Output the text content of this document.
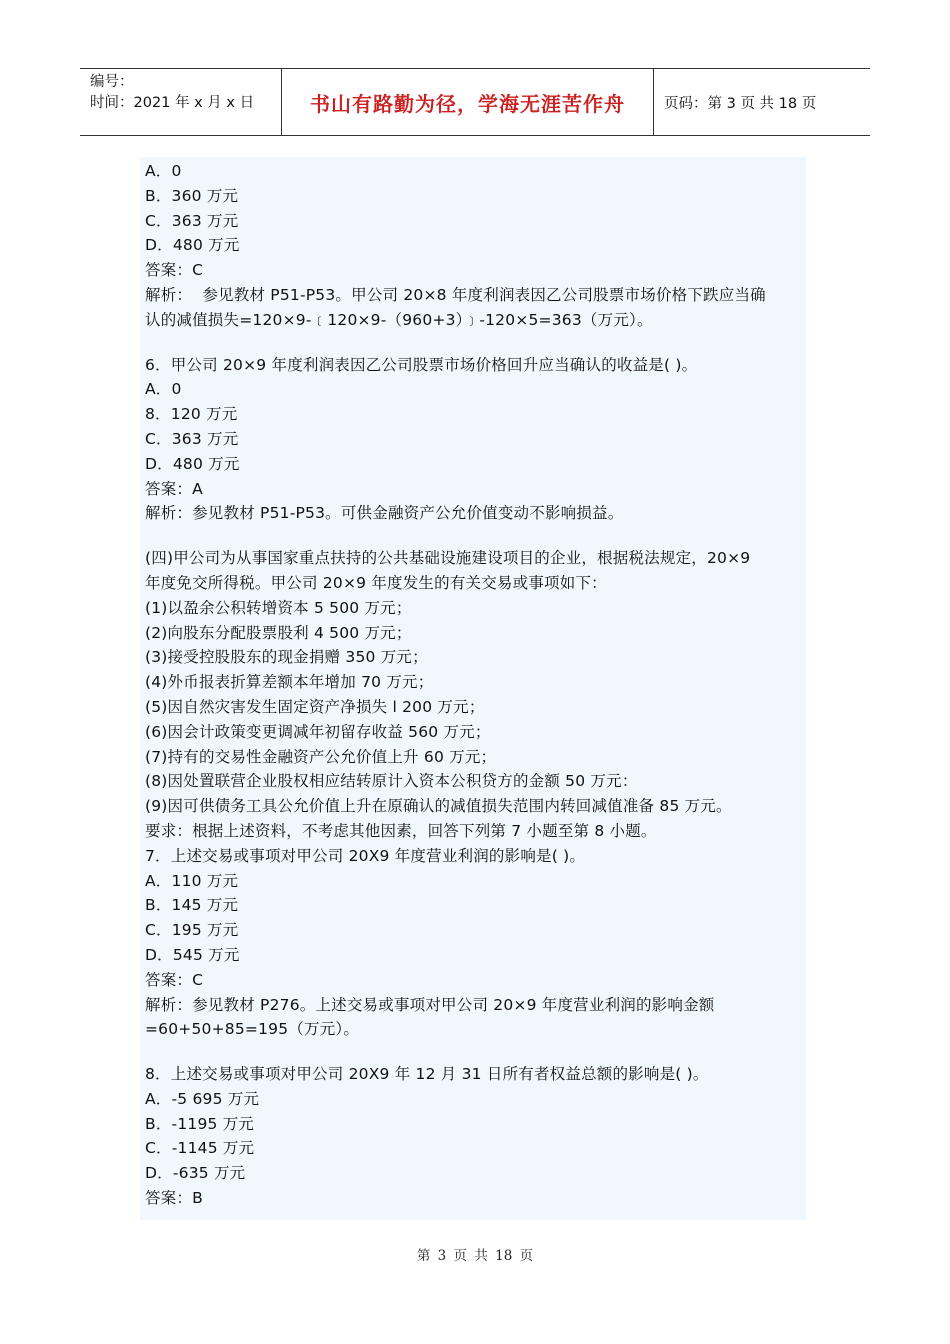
编号：
时间：2021 年 x 月 x 日	书山有路勤为径，学海无涯苦作舟	页码：第 3 页 共 18 页
A．0
B．360 万元
C．363 万元
D．480 万元
答案：C
解析：  参见教材 P51-P53。甲公司 20×8 年度利润表因乙公司股票市场价格下跌应当确
认的减值损失=120×9-﹝120×9-（960+3）﹞-120×5=363（万元）。
6．甲公司 20×9 年度利润表因乙公司股票市场价格回升应当确认的收益是( )。
A．0
8．120 万元
C．363 万元
D．480 万元
答案：A
解析：参见教材 P51-P53。可供金融资产公允价值变动不影响损益。
(四)甲公司为从事国家重点扶持的公共基础设施建设项目的企业，根据税法规定，20×9
年度免交所得税。甲公司 20×9 年度发生的有关交易或事项如下：
(1)以盈余公积转增资本 5 500 万元；
(2)向股东分配股票股利 4 500 万元；
(3)接受控股股东的现金捐赠 350 万元；
(4)外币报表折算差额本年增加 70 万元；
(5)因自然灾害发生固定资产净损失 l 200 万元；
(6)因会计政策变更调减年初留存收益 560 万元；
(7)持有的交易性金融资产公允价值上升 60 万元；
(8)因处置联营企业股权相应结转原计入资本公积贷方的金额 50 万元：
(9)因可供债务工具公允价值上升在原确认的减值损失范围内转回减值准备 85 万元。
要求：根据上述资料，不考虑其他因素，回答下列第 7 小题至第 8 小题。
7．上述交易或事项对甲公司 20X9 年度营业利润的影响是( )。
A．110 万元
B．145 万元
C．195 万元
D．545 万元
答案：C
解析：参见教材 P276。上述交易或事项对甲公司 20×9 年度营业利润的影响金额
=60+50+85=195（万元）。
8．上述交易或事项对甲公司 20X9 年 12 月 31 日所有者权益总额的影响是( )。
A．-5 695 万元
B．-1195 万元
C．-1145 万元
D．-635 万元
答案：B
第 3 页 共 18 页
